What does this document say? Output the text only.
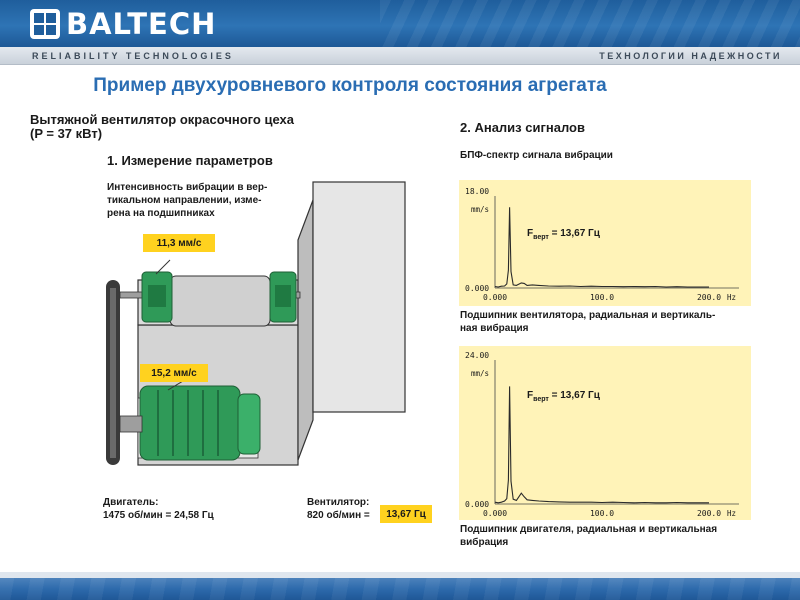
BALTECH
RELIABILITY TECHNOLOGIES	ТЕХНОЛОГИИ НАДЕЖНОСТИ
Пример двухуровневого контроля состояния агрегата
Вытяжной вентилятор окрасочного цеха
(P = 37 кВт)
1. Измерение параметров
Интенсивность вибрации в вер-
тикальном направлении, изме-
рена на подшипниках
11,3 мм/с
15,2 мм/с
Двигатель:
1475 об/мин = 24,58 Гц
Вентилятор:
820 об/мин =	13,67 Гц
2. Анализ сигналов
БПФ-спектр сигнала вибрации
18.00
mm/s
0.000
0.000	100.0	200.0 Hz
$F_{верт} = 13,67$ Гц
Подшипник вентилятора, радиальная и вертикаль-
ная вибрация
24.00
mm/s
0.000
0.000	100.0	200.0 Hz
$F_{верт} = 13,67$ Гц
Подшипник двигателя, радиальная и вертикальная
вибрация
